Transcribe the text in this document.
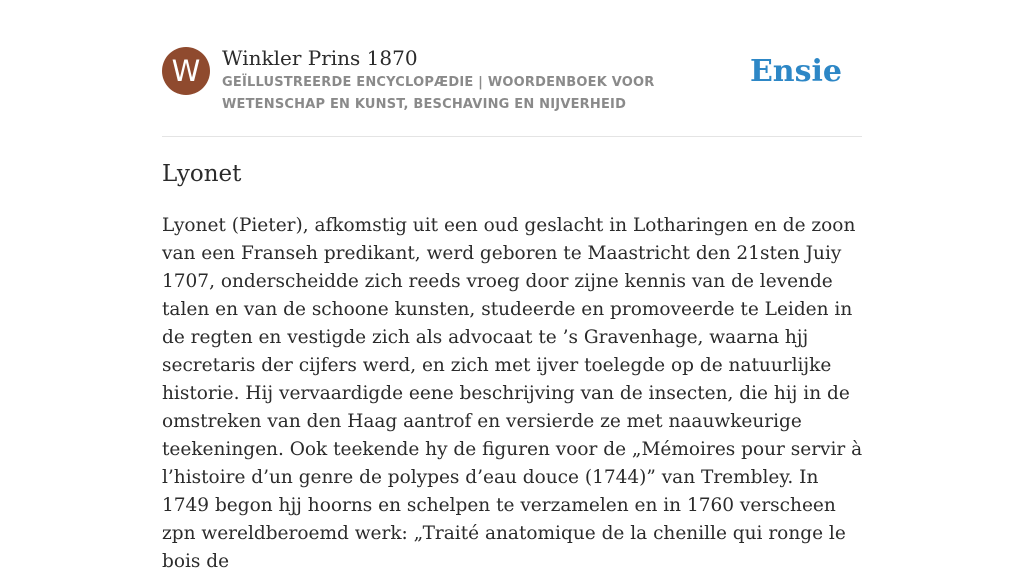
W	Winkler Prins 1870

GEÏLLUSTREERDE ENCYCLOPÆDIE | WOORDENBOEK VOOR WETENSCHAP EN KUNST, BESCHAVING EN NIJVERHEID

Ensie
Lyonet

Lyonet (Pieter), afkomstig uit een oud geslacht in Lotharingen en de zoon van een Franseh predikant, werd geboren te Maastricht den 21sten Juiy 1707, onderscheidde zich reeds vroeg door zijne kennis van de levende talen en van de schoone kunsten, studeerde en promoveerde te Leiden in de regten en vestigde zich als advocaat te ’s Gravenhage, waarna hjj secretaris der cijfers werd, en zich met ijver toelegde op de natuurlijke historie. Hij vervaardigde eene beschrijving van de insecten, die hij in de omstreken van den Haag aantrof en versierde ze met naauwkeurige teekeningen. Ook teekende hy de figuren voor de „Mémoires pour servir à l’histoire d’un genre de polypes d’eau douce (1744)” van Trembley. In 1749 begon hjj hoorns en schelpen te verzamelen en in 1760 verscheen zpn wereldberoemd werk: „Traité anatomique de la chenille qui ronge le bois de
